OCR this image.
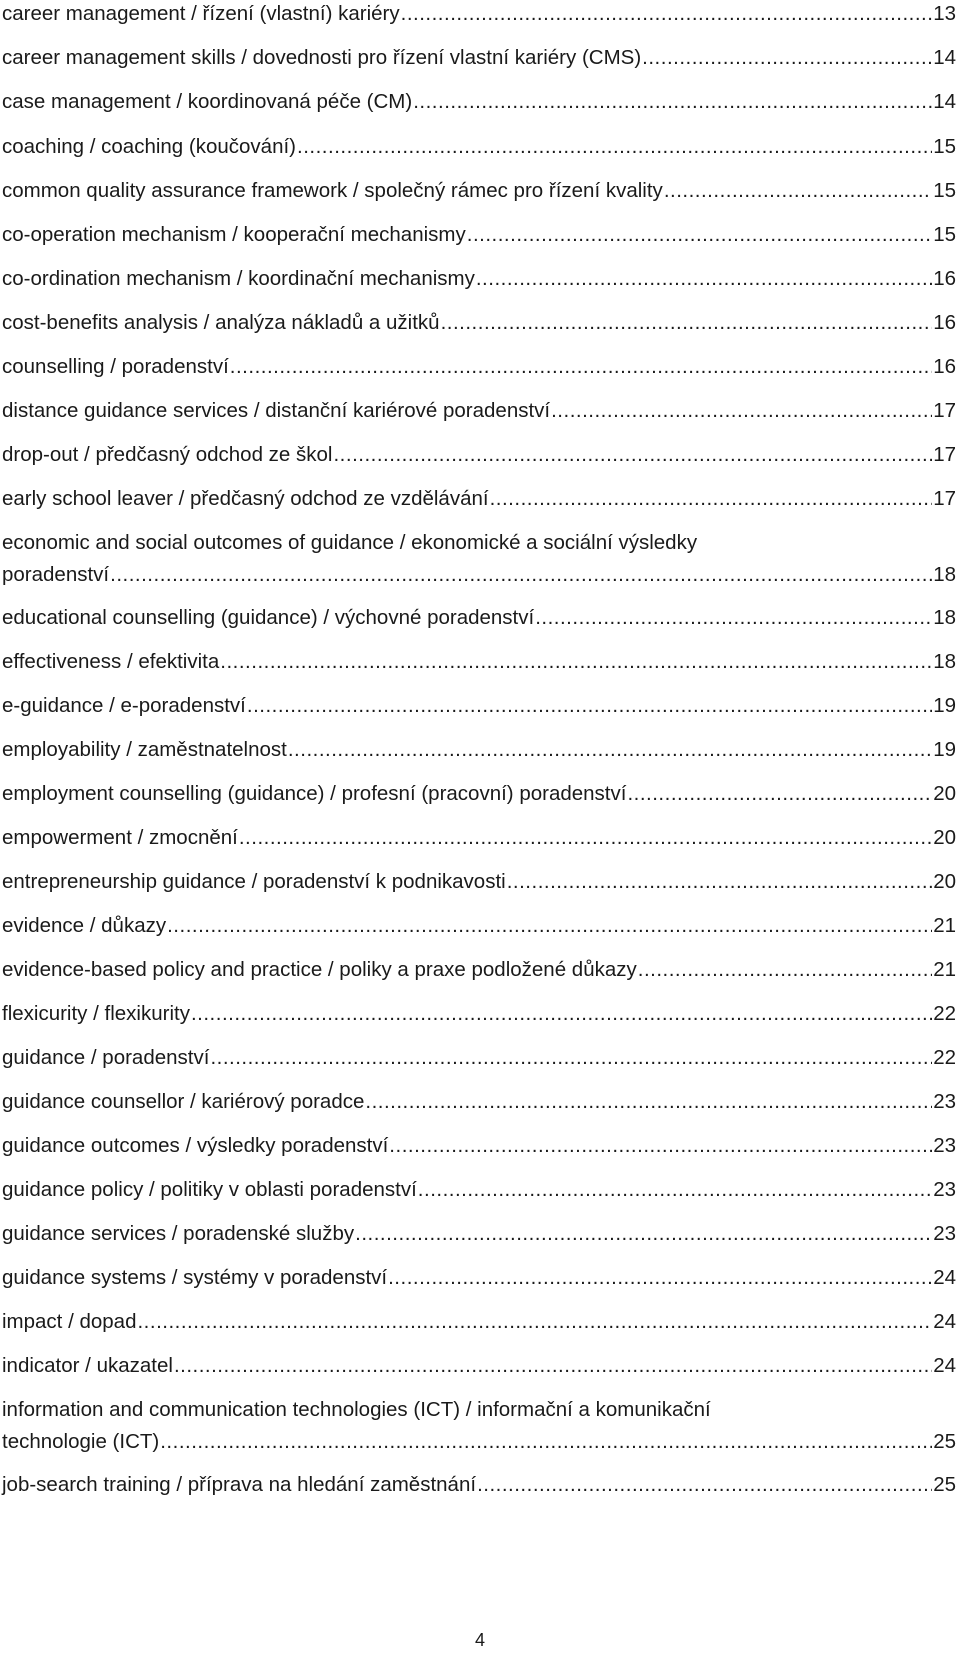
career management / řízení (vlastní) kariéry .....	13
career management skills / dovednosti pro řízení vlastní kariéry (CMS) .....	14
case management / koordinovaná péče (CM) .....	14
coaching / coaching (koučování) .....	15
common quality assurance framework / společný rámec pro řízení kvality .....	15
co-operation mechanism / kooperační mechanismy .....	15
co-ordination mechanism / koordinační mechanismy .....	16
cost-benefits analysis / analýza nákladů a užitků .....	16
counselling / poradenství .....	16
distance guidance services / distanční kariérové poradenství .....	17
drop-out / předčasný odchod ze škol .....	17
early school leaver / předčasný odchod ze vzdělávání .....	17
economic and social outcomes of guidance / ekonomické a sociální výsledky
poradenství .....	18
educational counselling (guidance) / výchovné poradenství .....	18
effectiveness / efektivita .....	18
e-guidance / e-poradenství .....	19
employability / zaměstnatelnost .....	19
employment counselling (guidance) / profesní (pracovní) poradenství .....	20
empowerment / zmocnění .....	20
entrepreneurship guidance / poradenství k podnikavosti .....	20
evidence / důkazy .....	21
evidence-based policy and practice / poliky a praxe podložené důkazy .....	21
flexicurity / flexikurity .....	22
guidance / poradenství .....	22
guidance counsellor / kariérový poradce .....	23
guidance outcomes / výsledky poradenství .....	23
guidance policy / politiky v oblasti poradenství .....	23
guidance services / poradenské služby .....	23
guidance systems / systémy v poradenství .....	24
impact / dopad .....	24
indicator / ukazatel .....	24
information and communication technologies (ICT) / informační a komunikační
technologie (ICT) .....	25
job-search training / příprava na hledání zaměstnání .....	25
4
